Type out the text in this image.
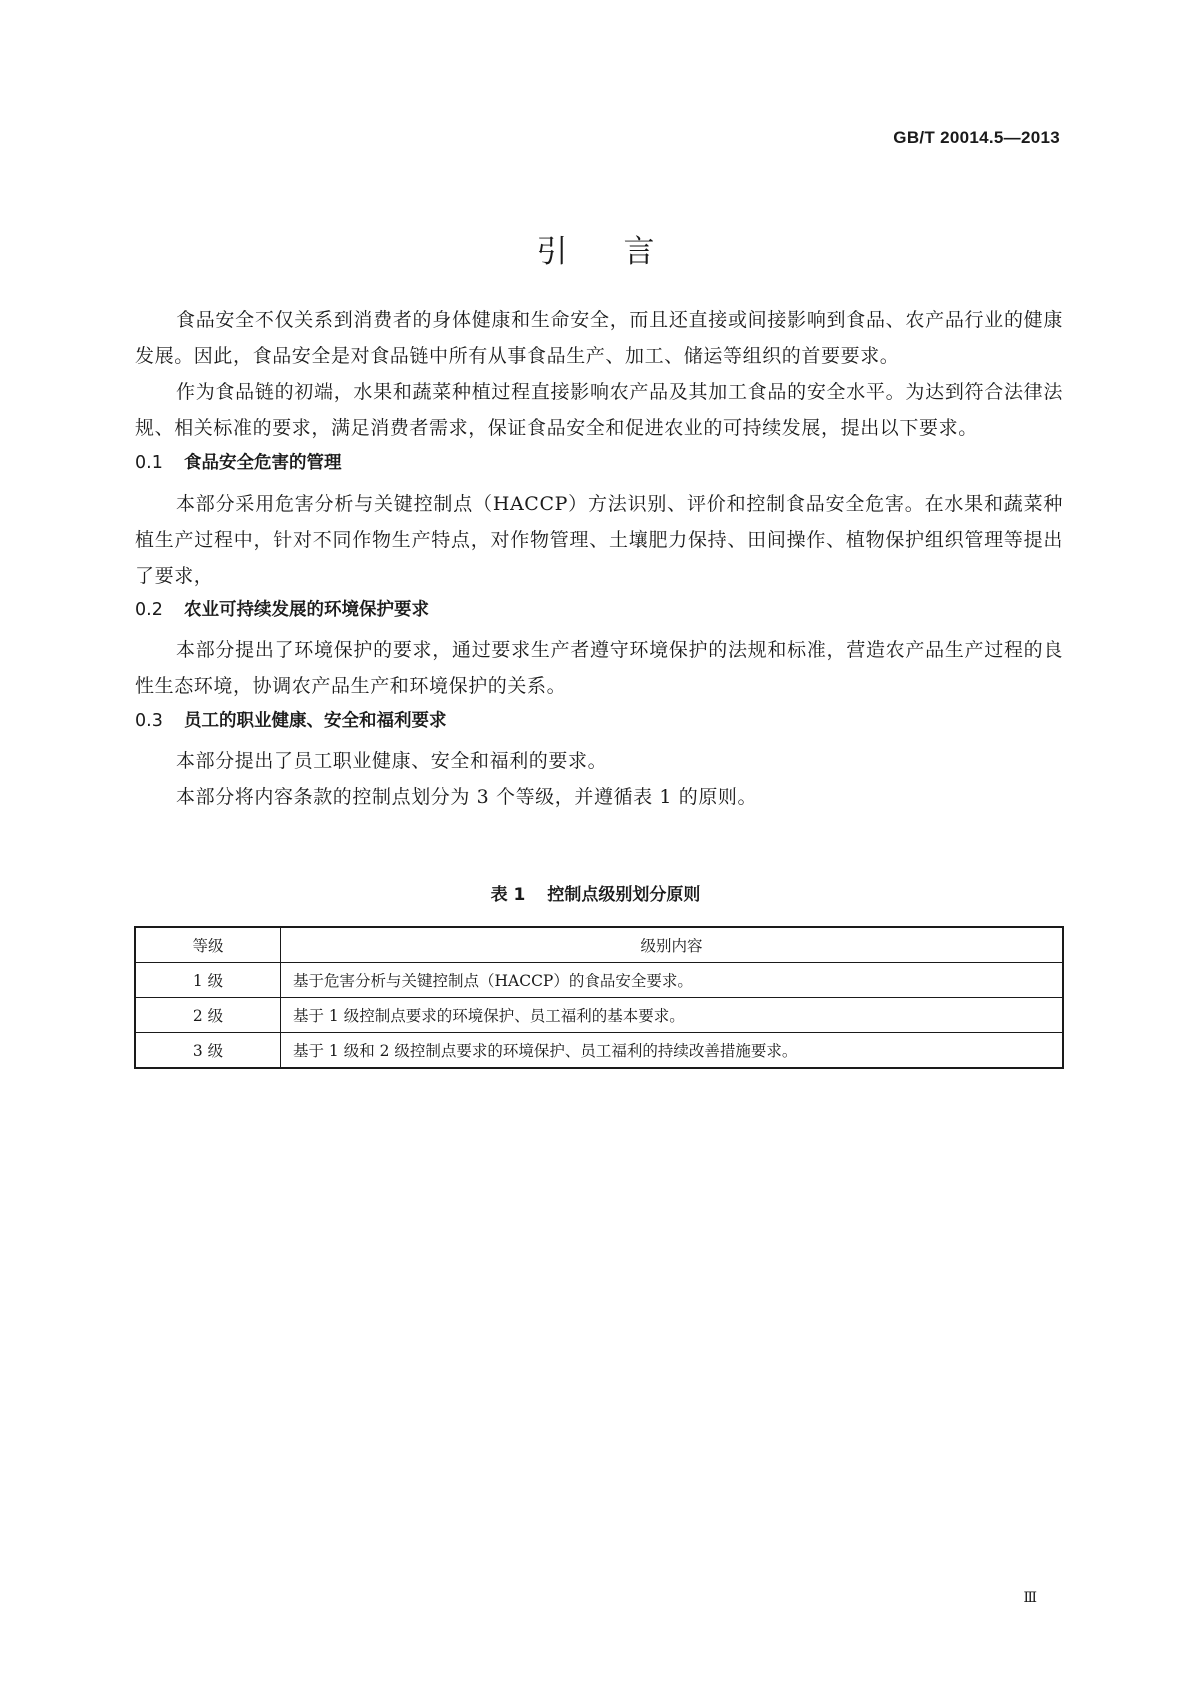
GB/T 20014.5—2013
引言

食品安全不仅关系到消费者的身体健康和生命安全，而且还直接或间接影响到食品、农产品行业的健康发展。因此，食品安全是对食品链中所有从事食品生产、加工、储运等组织的首要要求。

作为食品链的初端，水果和蔬菜种植过程直接影响农产品及其加工食品的安全水平。为达到符合法律法规、相关标准的要求，满足消费者需求，保证食品安全和促进农业的可持续发展，提出以下要求。

0.1 食品安全危害的管理

本部分采用危害分析与关键控制点（HACCP）方法识别、评价和控制食品安全危害。在水果和蔬菜种植生产过程中，针对不同作物生产特点，对作物管理、土壤肥力保持、田间操作、植物保护组织管理等提出了要求，

0.2 农业可持续发展的环境保护要求

本部分提出了环境保护的要求，通过要求生产者遵守环境保护的法规和标准，营造农产品生产过程的良性生态环境，协调农产品生产和环境保护的关系。

0.3 员工的职业健康、安全和福利要求

本部分提出了员工职业健康、安全和福利的要求。

本部分将内容条款的控制点划分为 3 个等级，并遵循表 1 的原则。

表 1 控制点级别划分原则
等级	级别内容
1 级	基于危害分析与关键控制点（HACCP）的食品安全要求。
2 级	基于 1 级控制点要求的环境保护、员工福利的基本要求。
3 级	基于 1 级和 2 级控制点要求的环境保护、员工福利的持续改善措施要求。
Ⅲ
